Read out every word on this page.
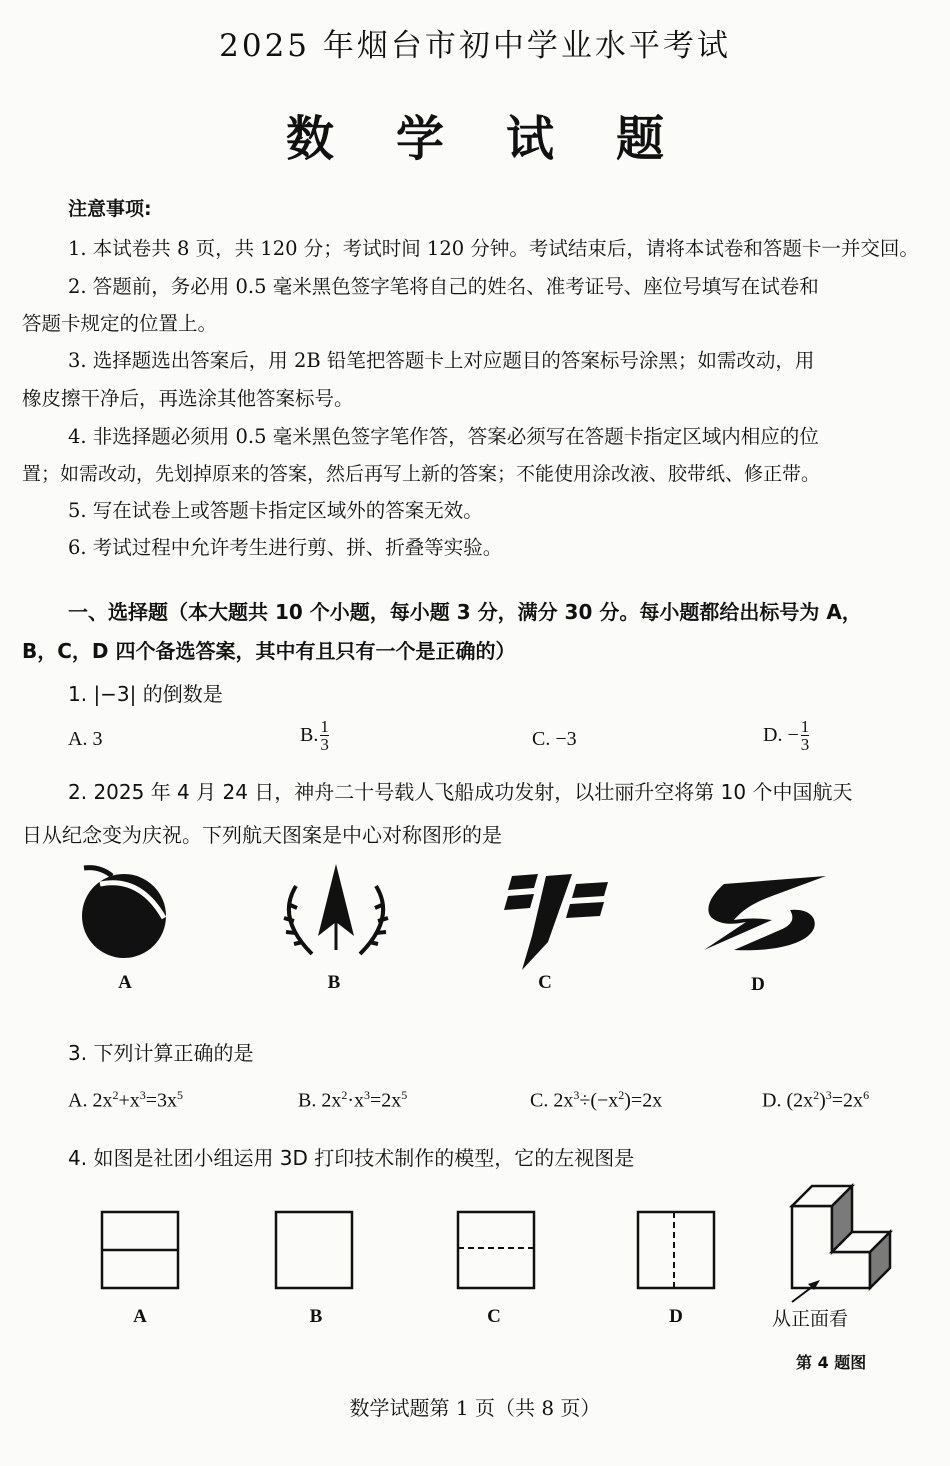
2025 年烟台市初中学业水平考试
数学试题
注意事项:
1. 本试卷共 8 页，共 120 分；考试时间 120 分钟。考试结束后，请将本试卷和答题卡一并交回。
2. 答题前，务必用 0.5 毫米黑色签字笔将自己的姓名、准考证号、座位号填写在试卷和
答题卡规定的位置上。
3. 选择题选出答案后，用 2B 铅笔把答题卡上对应题目的答案标号涂黑；如需改动，用
橡皮擦干净后，再选涂其他答案标号。
4. 非选择题必须用 0.5 毫米黑色签字笔作答，答案必须写在答题卡指定区域内相应的位
置；如需改动，先划掉原来的答案，然后再写上新的答案；不能使用涂改液、胶带纸、修正带。
5. 写在试卷上或答题卡指定区域外的答案无效。
6. 考试过程中允许考生进行剪、拼、折叠等实验。
一、选择题（本大题共 10 个小题，每小题 3 分，满分 30 分。每小题都给出标号为 A，
B，C，D 四个备选答案，其中有且只有一个是正确的）
1. |−3| 的倒数是
A. 3	B. $\frac{1}{3}$	C. −3	D. − $\frac{1}{3}$
2. 2025 年 4 月 24 日，神舟二十号载人飞船成功发射，以壮丽升空将第 10 个中国航天
日从纪念变为庆祝。下列航天图案是中心对称图形的是
A	B	C	D
3. 下列计算正确的是
A. $2x^2+x^3=3x^5$	B. $2x^2\cdot x^3=2x^5$	C. $2x^3\div(-x^2)=2x$	D. $(2x^2)^3=2x^6$
4. 如图是社团小组运用 3D 打印技术制作的模型，它的左视图是
A	B	C	D	从正面看
第 4 题图
数学试题第 1 页（共 8 页）
